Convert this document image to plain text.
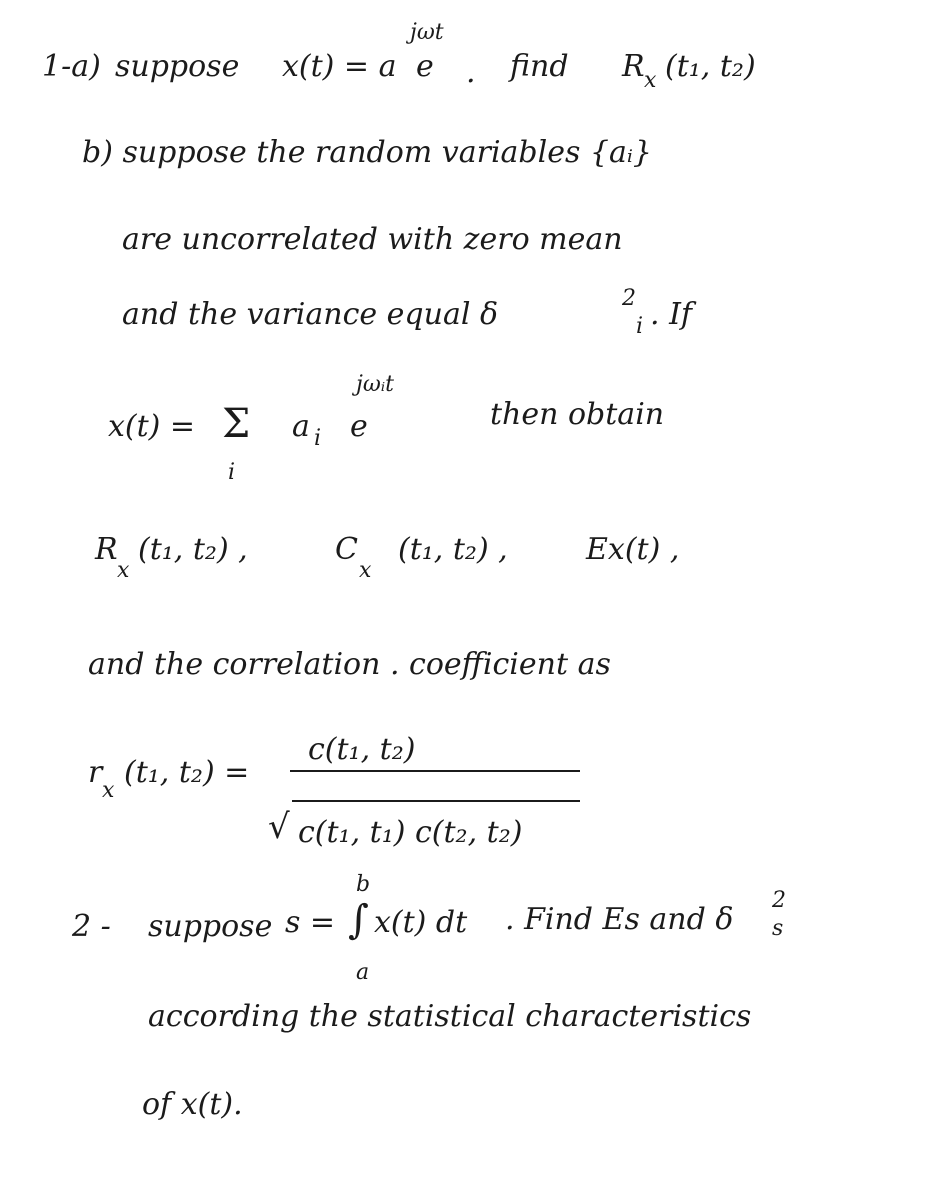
1-a) suppose x(t) = a e
jωt
. find R x (t₁, t₂)
b) suppose the random variables {aᵢ}
are uncorrelated with zero mean
and the variance equal δ	2
i . If
x(t) = Σ
i
a i e
jωᵢt
then obtain
R
x
(t₁, t₂) ,	C
x
(t₁, t₂) ,	Ex(t) ,
and the correlation . coefficient as
r
x
(t₁, t₂) =
c(t₁, t₂)
√ c(t₁, t₁) c(t₂, t₂)
2 - suppose s =
b
∫
a
x(t) dt . Find Es and δ
2
s
according the statistical characteristics
of x(t).
